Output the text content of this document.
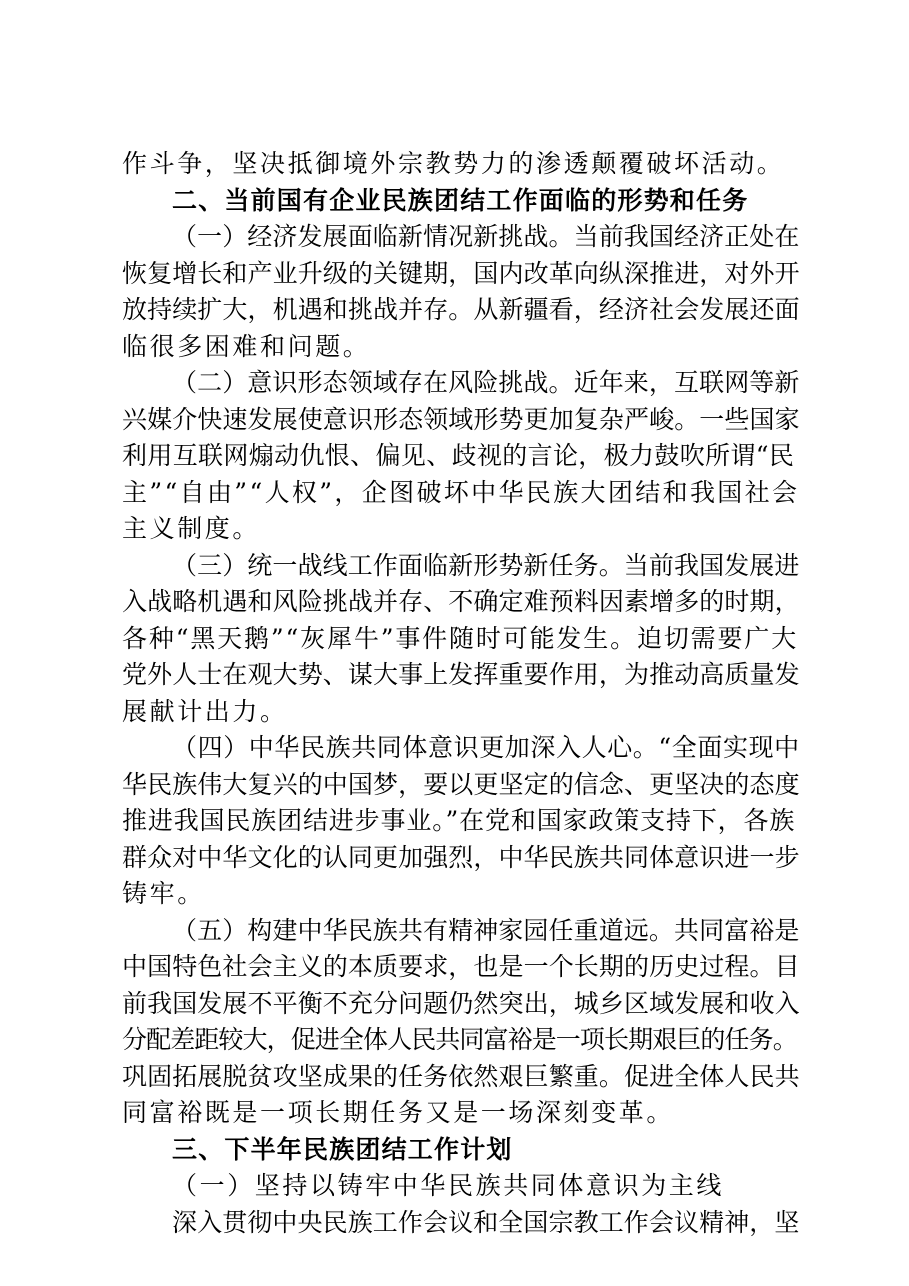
作斗争，坚决抵御境外宗教势力的渗透颠覆破坏活动。
二、当前国有企业民族团结工作面临的形势和任务
（一）经济发展面临新情况新挑战。当前我国经济正处在
恢复增长和产业升级的关键期，国内改革向纵深推进，对外开
放持续扩大，机遇和挑战并存。从新疆看，经济社会发展还面
临很多困难和问题。
（二）意识形态领域存在风险挑战。近年来，互联网等新
兴媒介快速发展使意识形态领域形势更加复杂严峻。一些国家
利用互联网煽动仇恨、偏见、歧视的言论，极力鼓吹所谓“民
主”“自由”“人权”，企图破坏中华民族大团结和我国社会
主义制度。
（三）统一战线工作面临新形势新任务。当前我国发展进
入战略机遇和风险挑战并存、不确定难预料因素增多的时期，
各种“黑天鹅”“灰犀牛”事件随时可能发生。迫切需要广大
党外人士在观大势、谋大事上发挥重要作用，为推动高质量发
展献计出力。
（四）中华民族共同体意识更加深入人心。“全面实现中
华民族伟大复兴的中国梦，要以更坚定的信念、更坚决的态度
推进我国民族团结进步事业。”在党和国家政策支持下，各族
群众对中华文化的认同更加强烈，中华民族共同体意识进一步
铸牢。
（五）构建中华民族共有精神家园任重道远。共同富裕是
中国特色社会主义的本质要求，也是一个长期的历史过程。目
前我国发展不平衡不充分问题仍然突出，城乡区域发展和收入
分配差距较大，促进全体人民共同富裕是一项长期艰巨的任务。
巩固拓展脱贫攻坚成果的任务依然艰巨繁重。促进全体人民共
同富裕既是一项长期任务又是一场深刻变革。
三、下半年民族团结工作计划
（一）坚持以铸牢中华民族共同体意识为主线
深入贯彻中央民族工作会议和全国宗教工作会议精神，坚
